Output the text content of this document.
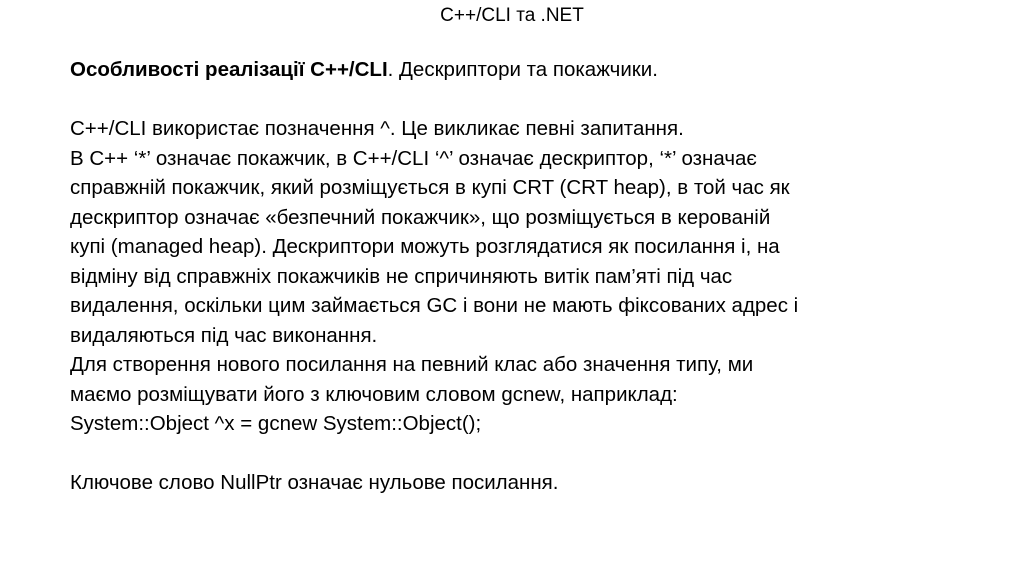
C++/CLI та .NET

Особливості реалізації C++/CLI. Дескриптори та покажчики.

C++/CLI використає позначення ^. Це викликає певні запитання.

В C++ ‘*’ означає покажчик, в C++/CLI ‘^’ означає дескриптор, ‘*’ означає

справжній покажчик, який розміщується в купі CRT (CRT heap), в той час як

дескриптор означає «безпечний покажчик», що розміщується в керованій

купі (managed heap). Дескриптори можуть розглядатися як посилання і, на

відміну від справжніх покажчиків не спричиняють витік пам’яті під час

видалення, оскільки цим займається GC і вони не мають фіксованих адрес і

видаляються під час виконання.

Для створення нового посилання на певний клас або значення типу, ми

маємо розміщувати його з ключовим словом gcnew, наприклад:

System::Object ^x = gcnew System::Object();

Ключове слово NullPtr означає нульове посилання.
